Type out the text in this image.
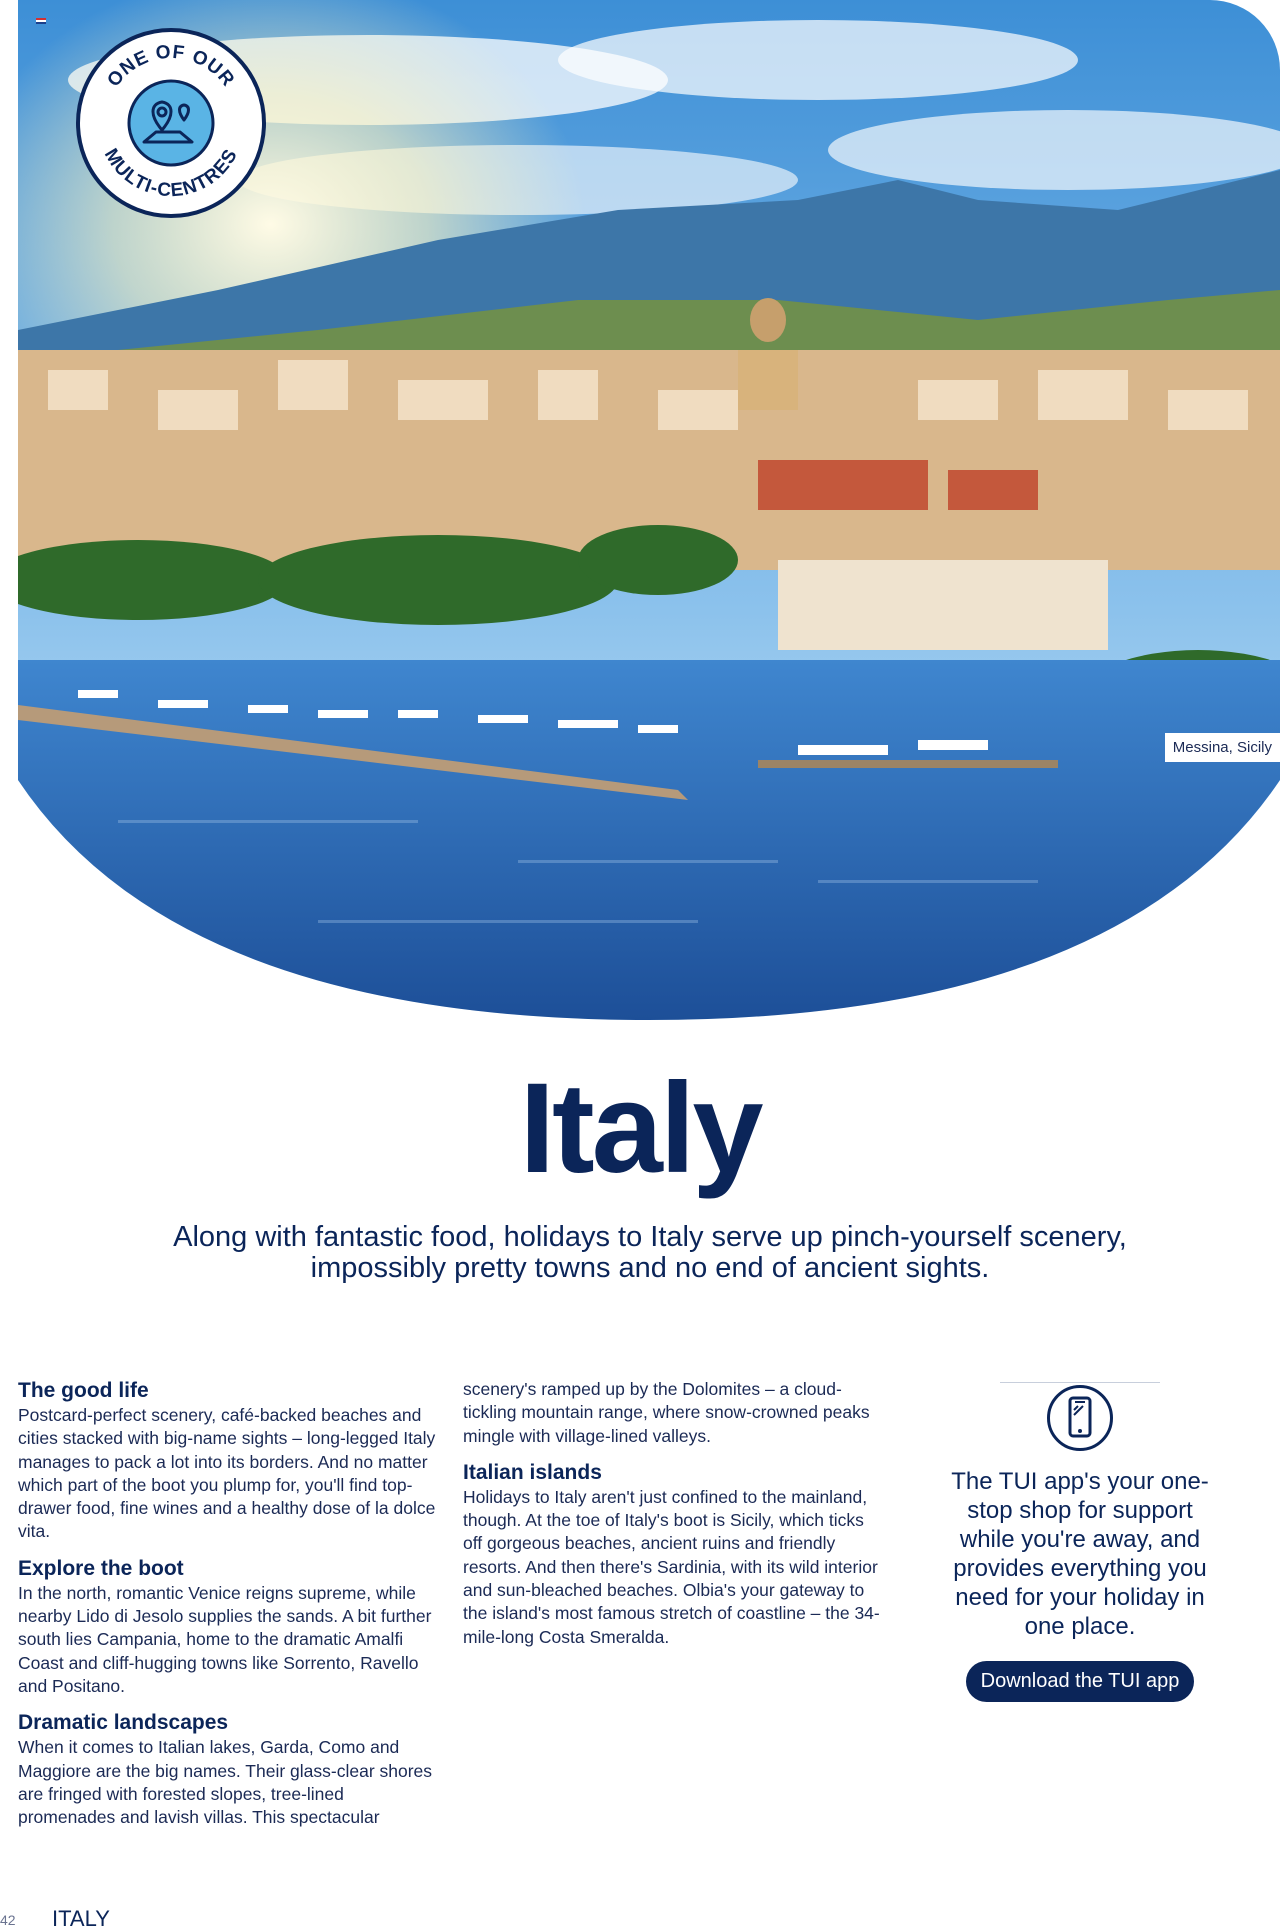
ONE OF OUR
MULTI-CENTRES
Messina, Sicily
Italy
Along with fantastic food, holidays to Italy serve up pinch-yourself scenery, impossibly pretty towns and no end of ancient sights.
The good life

Postcard-perfect scenery, café-backed beaches and cities stacked with big-name sights – long-legged Italy manages to pack a lot into its borders. And no matter which part of the boot you plump for, you'll find top-drawer food, fine wines and a healthy dose of la dolce vita.

Explore the boot

In the north, romantic Venice reigns supreme, while nearby Lido di Jesolo supplies the sands. A bit further south lies Campania, home to the dramatic Amalfi Coast and cliff-hugging towns like Sorrento, Ravello and Positano.

Dramatic landscapes

When it comes to Italian lakes, Garda, Como and Maggiore are the big names. Their glass-clear shores are fringed with forested slopes, tree-lined promenades and lavish villas. This spectacular

scenery's ramped up by the Dolomites – a cloud-tickling mountain range, where snow-crowned peaks mingle with village-lined valleys.

Italian islands

Holidays to Italy aren't just confined to the mainland, though. At the toe of Italy's boot is Sicily, which ticks off gorgeous beaches, ancient ruins and friendly resorts. And then there's Sardinia, with its wild interior and sun-bleached beaches. Olbia's your gateway to the island's most famous stretch of coastline – the 34-mile-long Costa Smeralda.

The TUI app's your one-stop shop for support while you're away, and provides everything you need for your holiday in one place.
Download the TUI app
42 ITALY
